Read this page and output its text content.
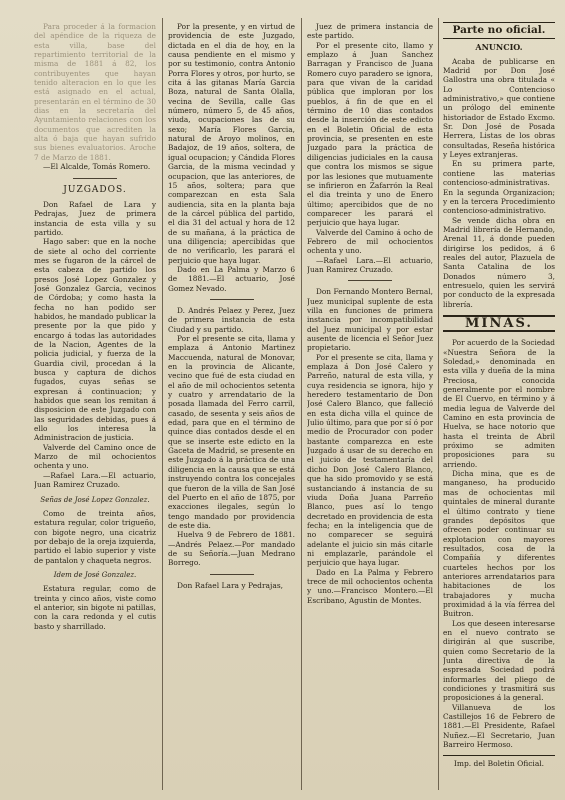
Para proceder á la formacion del apéndice de la riqueza de esta villa, base del repartimiento territorial de la misma de 1881 á 82, los contribuyentes que hayan tenido alteracion en lo que les está asignado en el actual, presentarán en el término de 30 dias en la secretaría del Ayuntamiento relaciones con los documentos que acrediten la alta ó baja que hayan sufrido sus bienes evaluatorios. Aroche 7 de Marzo de 1881.

—El Alcalde, Tomás Romero.

JUZGADOS.

Don Rafael de Lara y Pedrajas, Juez de primera instancia de esta villa y su partido.

Hago saber: que en la noche de siete al ocho del corriente mes se fugaron de la cárcel de esta cabeza de partido los presos José Lopez Gonzalez y José Gonzalez Garcia, vecinos de Córdoba; y como hasta la fecha no han podido ser habidos, he mandado publicar la presente por la que pido y encargo á todas las autoridades de la Nacion, Agentes de la policia judicial, y fuerza de la Guardia civil, procedan á la busca y captura de dichos fugados, cuyas señas se expresan á continuacion; y habidos que sean los remitan á disposicion de este Juzgado con las seguridades debidas, pues á ello los interesa la Administracion de justicia.

Valverde del Camino once de Marzo de mil ochocientos ochenta y uno.

—Rafael Lara.—El actuario, Juan Ramirez Cruzado.

Señas de José Lopez Gonzalez.

Como de treinta años, estatura regular, color trigueño, con bigote negro, una cicatriz por debajo de la oreja izquierda, partido el labio superior y viste de pantalon y chaqueta negros.

Idem de José Gonzalez.

Estatura regular, como de treinta y cinco años, viste como el anterior, sin bigote ni patillas, con la cara redonda y el cutis basto y sharrillado.

Por la presente, y en virtud de providencia de este Juzgado, dictada en el dia de hoy, en la causa pendiente en el mismo y por su testimonio, contra Antonio Porra Flores y otros, por hurto, se cita á las gitanas María Garcia Boza, natural de Santa Olalla, vecina de Sevilla, calle Gas número, número 5, de 45 años, viuda, ocupaciones las de su sexo; María Flores Garcia, natural de Aroyo molinos, en Badajoz, de 19 años, soltera, de igual ocupacion; y Cándida Flores Garcia, de la misma vecindad y ocupacion, que las anteriores, de 15 años, soltera; para que comparezcan en esta Sala audiencia, sita en la planta baja de la cárcel pública del partido, el dia 31 del actual y hora de 12 de su mañana, á la práctica de una diligencia; apercibidas que de no verificarlo, les parará el perjuicio que haya lugar.

Dado en La Palma y Marzo 6 de 1881.—El actuario, José Gomez Nevado.

D. Andrés Pelaez y Perez, Juez de primera instancia de esta Ciudad y su partido.

Por el presente se cita, llama y emplaza á Antonio Martinez Maccuenda, natural de Monovar, en la provincia de Alicante, vecino que fué de esta ciudad en el año de mil ochocientos setenta y cuatro y arrendatario de la posada llamada del Ferro carril, casado, de sesenta y seis años de edad, para que en el término de quince dias contados desde el en que se inserte este edicto en la Gaceta de Madrid, se presente en este Juzgado á la práctica de una diligencia en la causa que se está instruyendo contra los concejales que fueron de la villa de San José del Puerto en el año de 1875, por exacciones ilegales, según lo tengo mandado por providencia de este dia.

Huelva 9 de Febrero de 1881.—Andrés Pelaez.—Por mandado de su Señoría.—Juan Medrano Borrego.

Don Rafael Lara y Pedrajas,

Juez de primera instancia de este partido.

Por el presente cito, llamo y emplazo á Juan Sanchez Barragan y Francisco de Juana Romero cuyo paradero se ignora, para que vivan de la caridad pública que imploran por los pueblos, á fin de que en el término de 10 dias contados desde la inserción de este edicto en el Boletin Oficial de esta provincia, se presenten en este Juzgado para la práctica de diligencias judiciales en la causa que contra los mismos se sigue por las lesiones que mutuamente se infirieron en Zafarrón la Real el dia treinta y uno de Enero último; apercibidos que de no comparecer les parará el perjuicio que haya lugar.

Valverde del Camino á ocho de Febrero de mil ochocientos ochenta y uno.

—Rafael Lara.—El actuario, Juan Ramirez Cruzado.

Don Fernando Montero Bernal, Juez municipal suplente de esta villa en funciones de primera instancia por incompatibilidad del Juez municipal y por estar ausente de licencia el Señor Juez propietario.

Por el presente se cita, llama y emplaza á Don José Calero y Parreño, natural de esta villa, y cuya residencia se ignora, hijo y heredero testamentario de Don José Calero Blanco, que falleció en esta dicha villa el quince de Julio último, para que por sí ó por medio de Procurador con poder bastante comparezca en este Juzgado á usar de su derecho en el juicio de testamentaría del dicho Don José Calero Blanco, que ha sido promovido y se está sustanciando á instancia de su viuda Doña Juana Parreño Blanco, pues así lo tengo decretado en providencia de esta fecha; en la inteligencia que de no comparecer se seguirá adelante el juicio sin más citarle ni emplazarle, parándole el perjuicio que haya lugar.

Dado en La Palma y Febrero trece de mil ochocientos ochenta y uno.—Francisco Montero.—El Escribano, Agustin de Montes.

Parte no oficial.
ANUNCIO.

Acaba de publicarse en Madrid por Don José Gallostra una obra titulada « Lo Contencioso administrativo,» que contiene un prólogo del eminente historiador de Estado Excmo. Sr. Don José de Posada Herrera, Listas de los obras consultadas, Reseña histórica y Leyes extranjeras.

En su primera parte, contiene las materias contencioso-administrativas. En la segunda Organizacion; y en la tercera Procedimiento contencioso-administrativo.

Se vende dicha obra en Madrid librería de Hernando, Arenal 11, á donde pueden dirigirse los pedidos, á 6 reales del autor, Plazuela de Santa Catalina de los Donados número 3, entresuelo, quien les servirá por conducto de la expresada librería.

MINAS.

Por acuerdo de la Sociedad «Nuestra Señora de la Soledad,» denominada en esta villa y dueña de la mina Preciosa, conocida generalmente por el nombre de El Cuervo, en término y á media legua de Valverde del Camino en esta provincia de Huelva, se hace notorio que hasta el treinta de Abril próximo se admiten proposiciones para su arriendo.

Dicha mina, que es de manganeso, ha producido mas de ochocientas mil quintales de mineral durante el último contrato y tiene grandes depósitos que ofrecen poder continuar su explotacion con mayores resultados, cosa de la Compañía y diferentes cuarteles hechos por los anteriores arrendatarios para habitaciones de los trabajadores y mucha proximidad á la vía férrea del Buitron.

Los que deseen interesarse en el nuevo contrato se dirigirán al que suscribe, quien como Secretario de la Junta directiva de la espresada Sociedad podrá informarles del pliego de condiciones y trasmitirá sus proposiciones á la general.

Villanueva de los Castillejos 16 de Febrero de 1881.—El Presidente, Rafael Nuñez.—El Secretario, Juan Barreiro Hermoso.

Imp. del Boletin Oficial.
